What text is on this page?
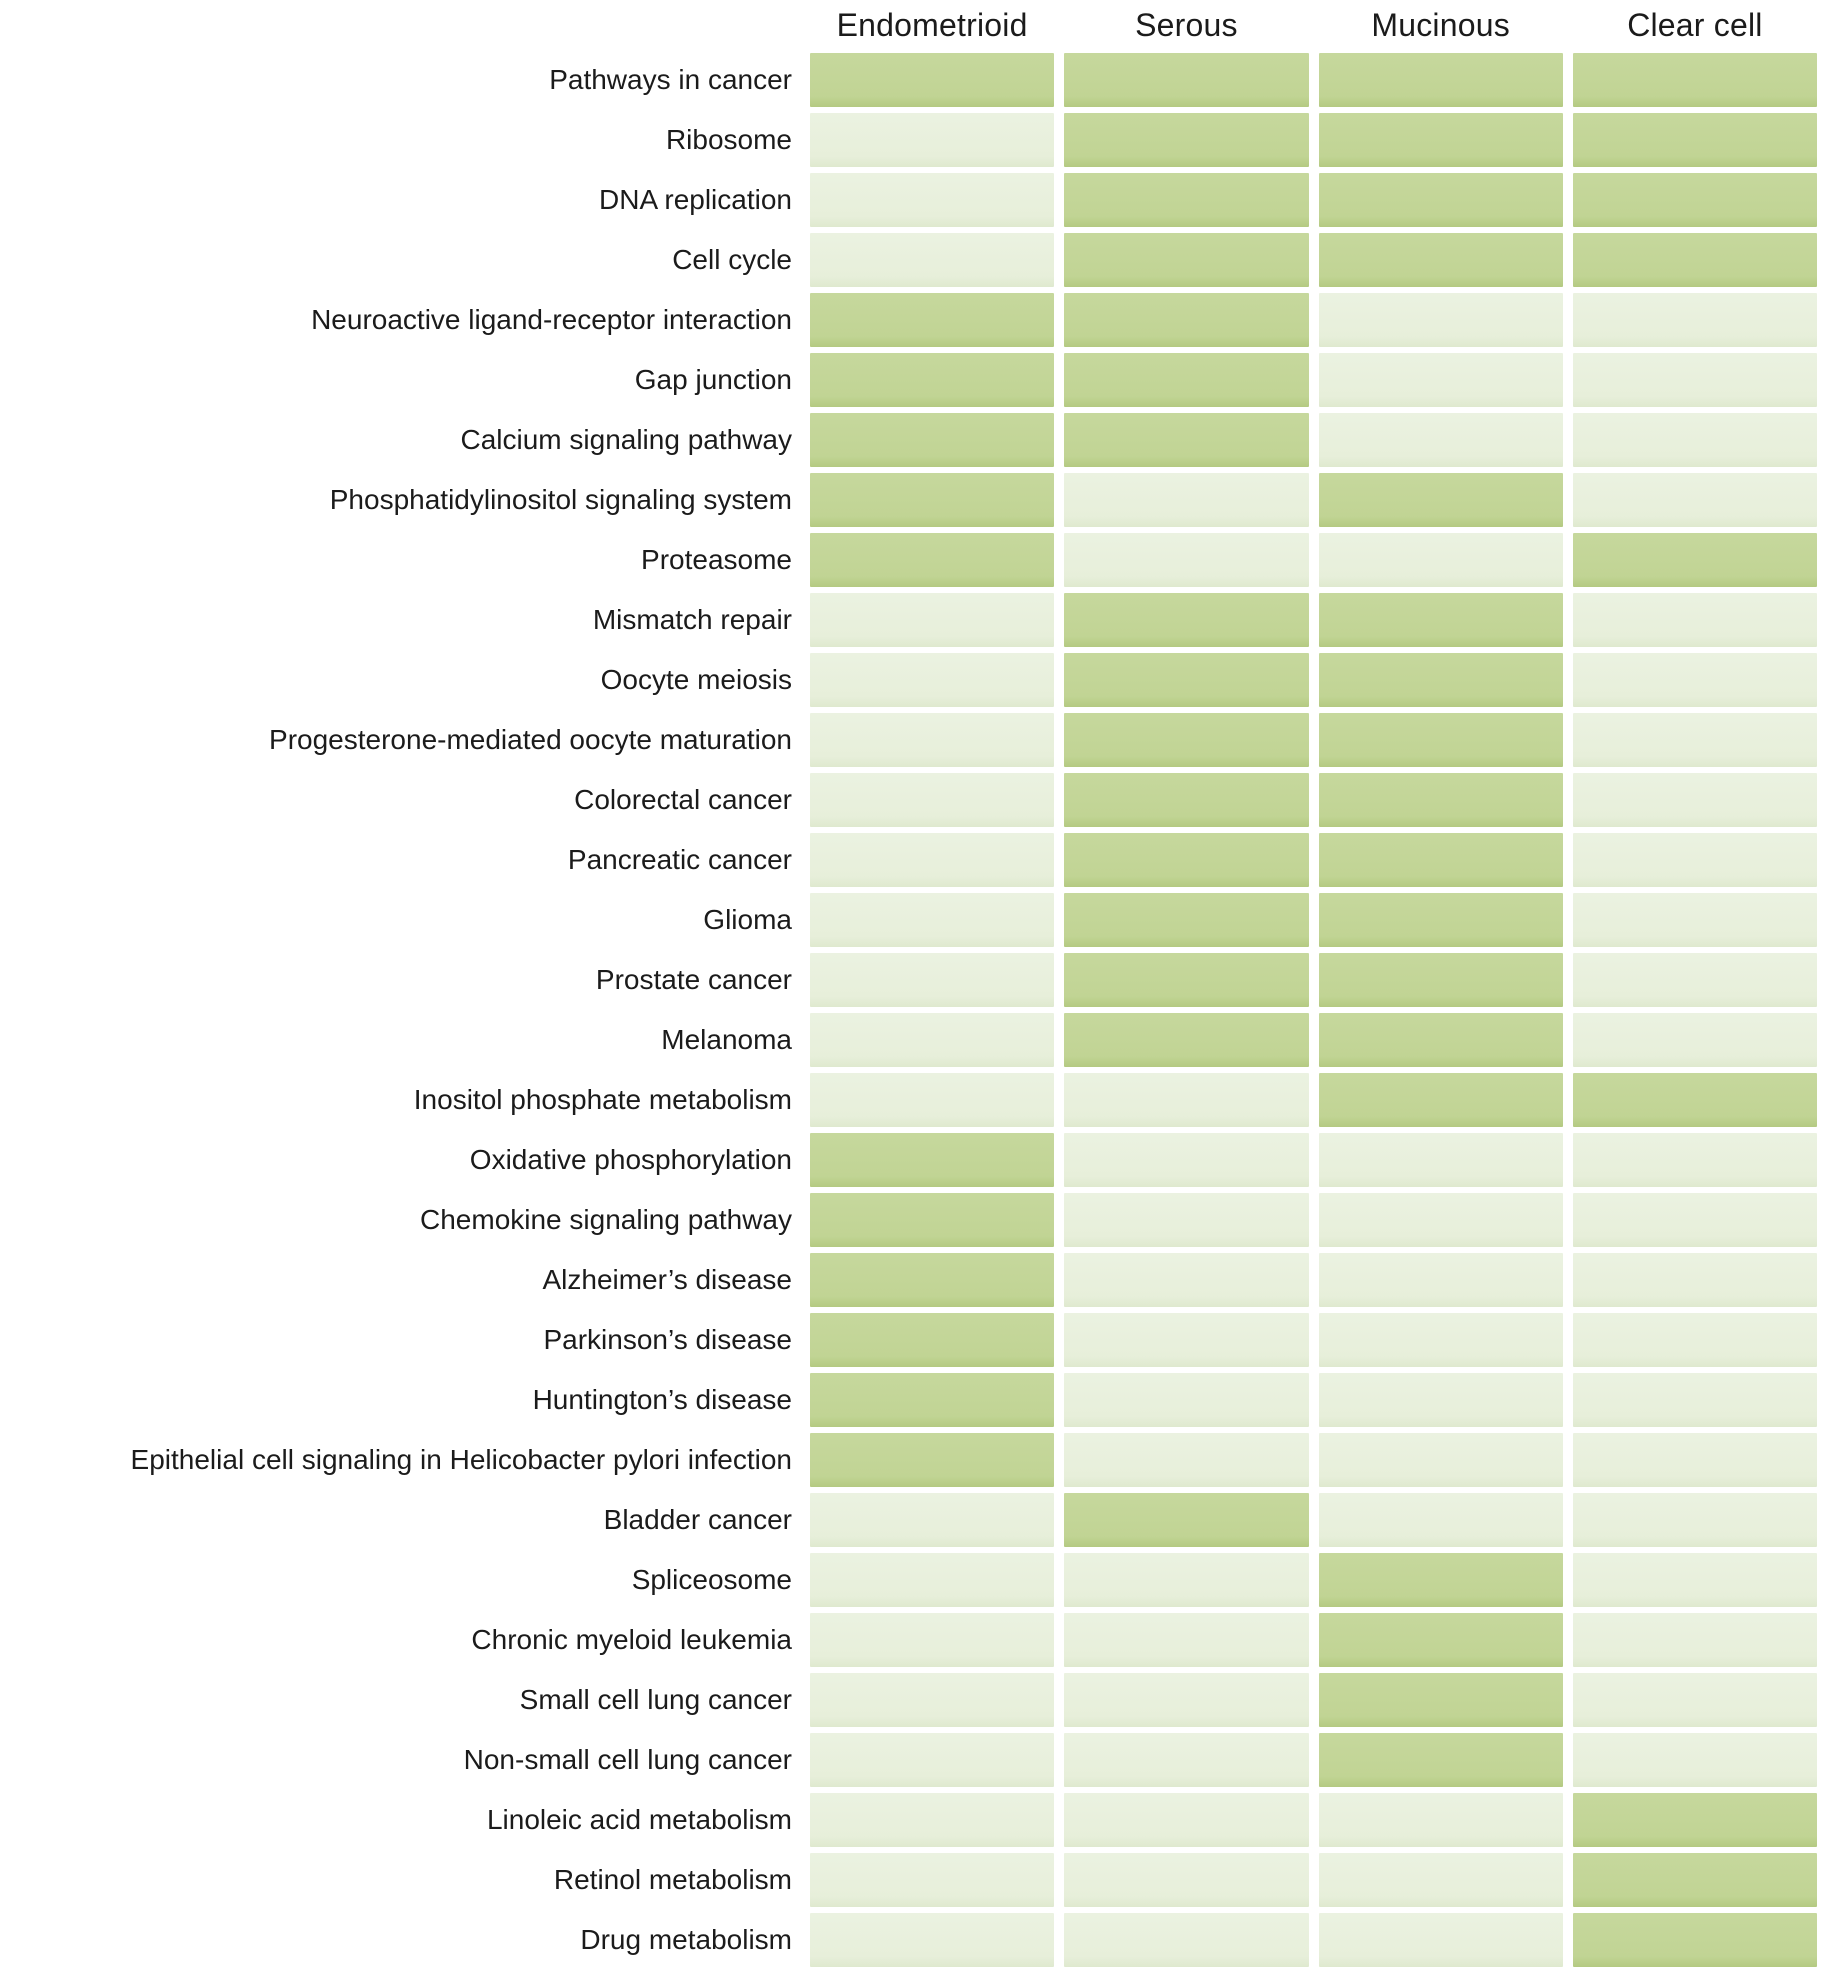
Endometrioid	Serous	Mucinous	Clear cell
Pathways in cancer
Ribosome
DNA replication
Cell cycle
Neuroactive ligand-receptor interaction
Gap junction
Calcium signaling pathway
Phosphatidylinositol signaling system
Proteasome
Mismatch repair
Oocyte meiosis
Progesterone-mediated oocyte maturation
Colorectal cancer
Pancreatic cancer
Glioma
Prostate cancer
Melanoma
Inositol phosphate metabolism
Oxidative phosphorylation
Chemokine signaling pathway
Alzheimer’s disease
Parkinson’s disease
Huntington’s disease
Epithelial cell signaling in Helicobacter pylori infection
Bladder cancer
Spliceosome
Chronic myeloid leukemia
Small cell lung cancer
Non-small cell lung cancer
Linoleic acid metabolism
Retinol metabolism
Drug metabolism
